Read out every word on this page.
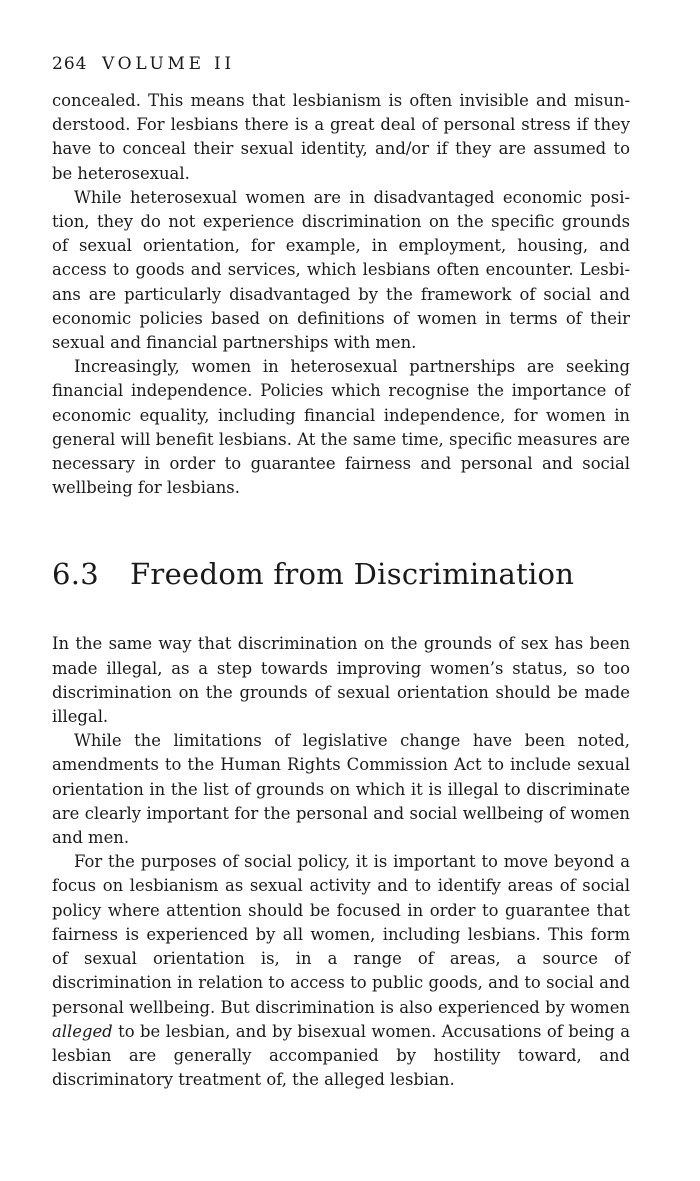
264 VOLUME II

concealed. This means that lesbianism is often invisible and misunderstood. For lesbians there is a great deal of personal stress if they have to conceal their sexual identity, and/or if they are assumed to be heterosexual.

While heterosexual women are in disadvantaged economic position, they do not experience discrimination on the specific grounds of sexual orientation, for example, in employment, housing, and access to goods and services, which lesbians often encounter. Lesbians are particularly disadvantaged by the framework of social and economic policies based on definitions of women in terms of their sexual and financial partnerships with men.

Increasingly, women in heterosexual partnerships are seeking financial independence. Policies which recognise the importance of economic equality, including financial independence, for women in general will benefit lesbians. At the same time, specific measures are necessary in order to guarantee fairness and personal and social wellbeing for lesbians.

6.3 Freedom from Discrimination

In the same way that discrimination on the grounds of sex has been made illegal, as a step towards improving women’s status, so too discrimination on the grounds of sexual orientation should be made illegal.

While the limitations of legislative change have been noted, amendments to the Human Rights Commission Act to include sexual orientation in the list of grounds on which it is illegal to discriminate are clearly important for the personal and social wellbeing of women and men.

For the purposes of social policy, it is important to move beyond a focus on lesbianism as sexual activity and to identify areas of social policy where attention should be focused in order to guarantee that fairness is experienced by all women, including lesbians. This form of sexual orientation is, in a range of areas, a source of discrimination in relation to access to public goods, and to social and personal wellbeing. But discrimination is also experienced by women alleged to be lesbian, and by bisexual women. Accusations of being a lesbian are generally accompanied by hostility toward, and discriminatory treatment of, the alleged lesbian.
